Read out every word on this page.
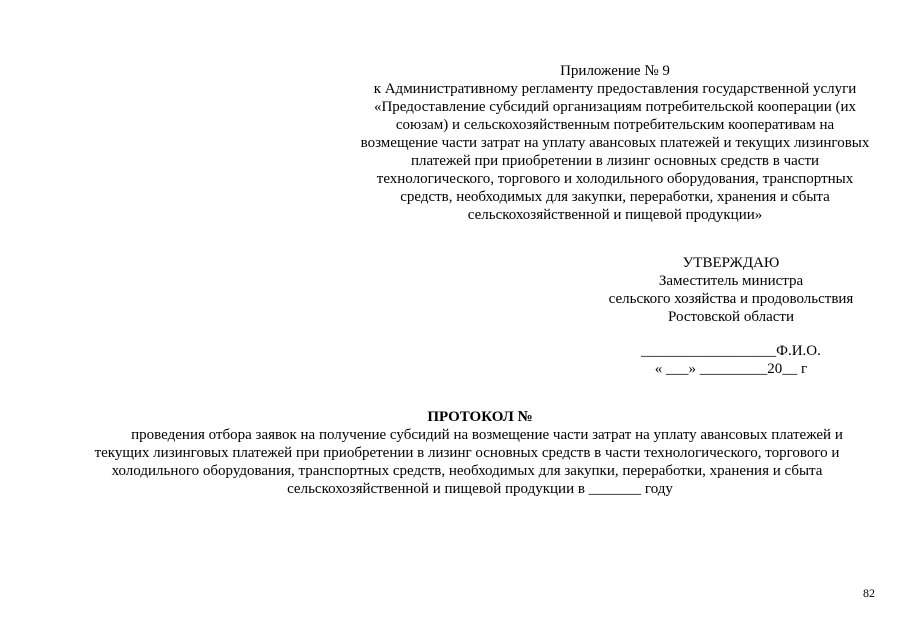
Приложение № 9
к Административному регламенту предоставления государственной услуги
«Предоставление субсидий организациям потребительской кооперации (их
союзам) и сельскохозяйственным потребительским кооперативам на
возмещение части затрат на уплату авансовых платежей и текущих лизинговых
платежей при приобретении в лизинг основных средств в части
технологического, торгового и холодильного оборудования, транспортных
средств, необходимых для закупки, переработки, хранения и сбыта
сельскохозяйственной и пищевой продукции»
УТВЕРЖДАЮ
Заместитель министра
сельского хозяйства и продовольствия
Ростовской области
__________________Ф.И.О.
« ___» _________20__ г
ПРОТОКОЛ №
проведения отбора заявок на получение субсидий на возмещение части затрат на уплату авансовых платежей и
текущих лизинговых платежей при приобретении в лизинг основных средств в части технологического, торгового и
холодильного оборудования, транспортных средств, необходимых для закупки, переработки, хранения и сбыта
сельскохозяйственной и пищевой продукции в _______ году
82
